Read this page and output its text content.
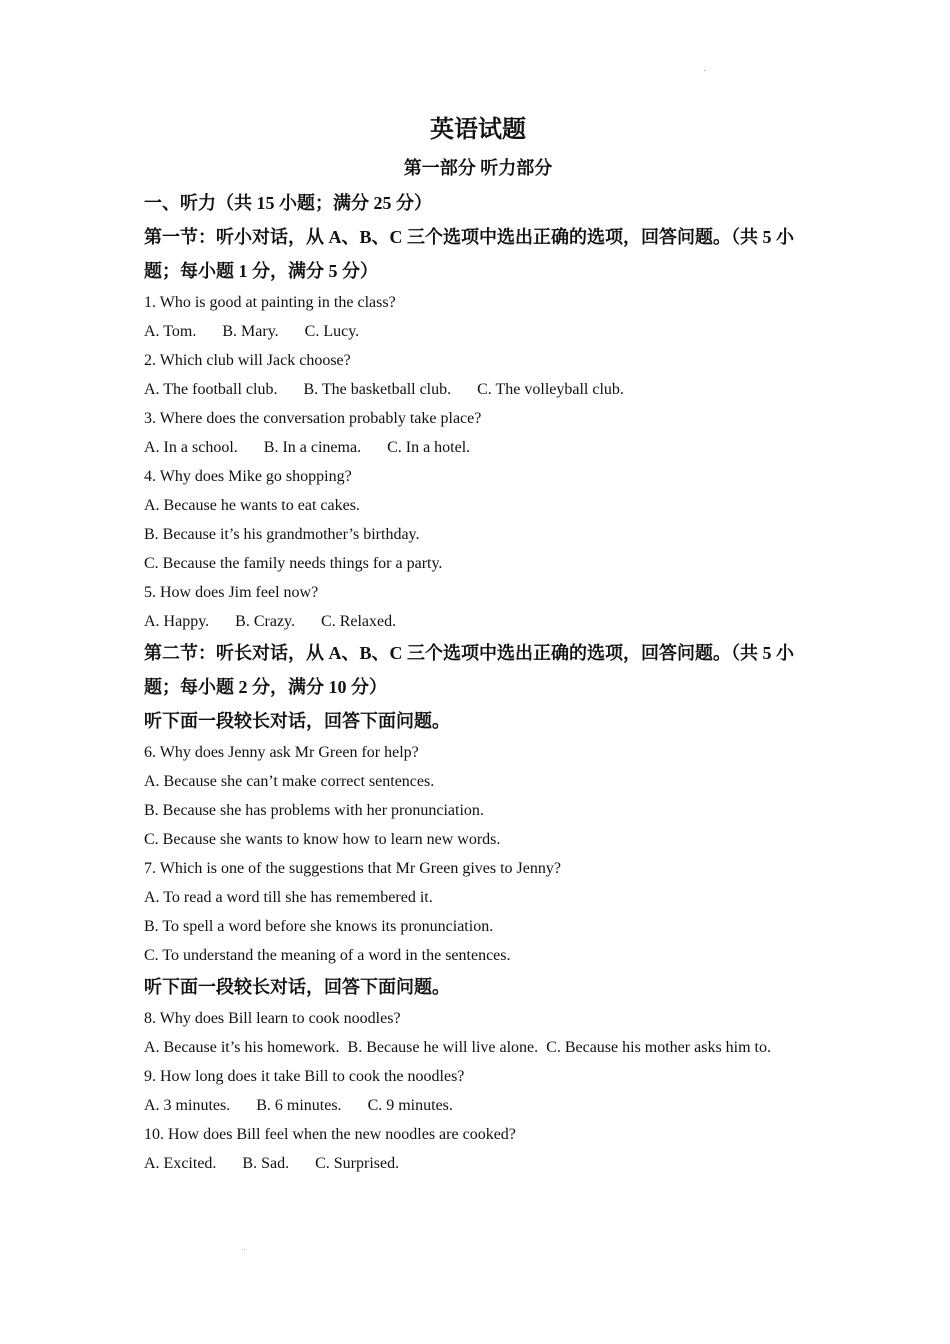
英语试题

第一部分 听力部分

一、听力（共 15 小题；满分 25 分）

第一节：听小对话，从 A、B、C 三个选项中选出正确的选项，回答问题。（共 5 小题；每小题 1 分，满分 5 分）

1. Who is good at painting in the class?

A. Tom. B. Mary. C. Lucy.

2. Which club will Jack choose?

A. The football club. B. The basketball club. C. The volleyball club.

3. Where does the conversation probably take place?

A. In a school. B. In a cinema. C. In a hotel.

4. Why does Mike go shopping?

A. Because he wants to eat cakes.

B. Because it’s his grandmother’s birthday.

C. Because the family needs things for a party.

5. How does Jim feel now?

A. Happy. B. Crazy. C. Relaxed.

第二节：听长对话，从 A、B、C 三个选项中选出正确的选项，回答问题。（共 5 小题；每小题 2 分，满分 10 分）

听下面一段较长对话，回答下面问题。

6. Why does Jenny ask Mr Green for help?

A. Because she can’t make correct sentences.

B. Because she has problems with her pronunciation.

C. Because she wants to know how to learn new words.

7. Which is one of the suggestions that Mr Green gives to Jenny?

A. To read a word till she has remembered it.

B. To spell a word before she knows its pronunciation.

C. To understand the meaning of a word in the sentences.

听下面一段较长对话，回答下面问题。

8. Why does Bill learn to cook noodles?

A. Because it’s his homework. B. Because he will live alone. C. Because his mother asks him to.

9. How long does it take Bill to cook the noodles?

A. 3 minutes. B. 6 minutes. C. 9 minutes.

10. How does Bill feel when the new noodles are cooked?

A. Excited. B. Sad. C. Surprised.
